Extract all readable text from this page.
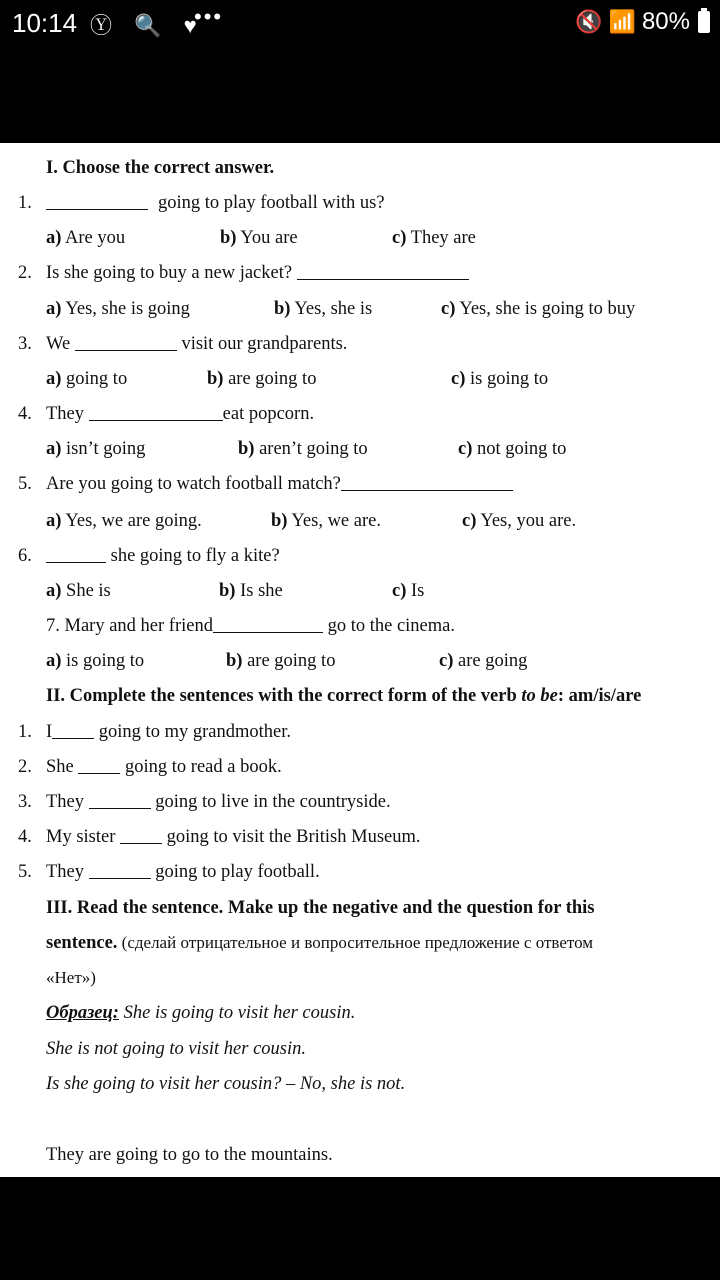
10:14 Ⓨ 🔍 ♥
•••	🔇 📶 80%
I. Choose the correct answer.
1.	going to play football with us?
a) Are you	b) You are	c) They are
2. Is she going to buy a new jacket?
a) Yes, she is going	b) Yes, she is	c) Yes, she is going to buy
3. We	visit our grandparents.
a) going to	b) are going to	c) is going to
4. They	eat popcorn.
a) isn’t going	b) aren’t going to	c) not going to
5. Are you going to watch football match?
a) Yes, we are going.	b) Yes, we are.	c) Yes, you are.
6.	she going to fly a kite?
a) She is	b) Is she	c) Is
7. Mary and her friend	go to the cinema.
a) is going to	b) are going to	c) are going
II. Complete the sentences with the correct form of the verb to be: am/is/are
1. I	going to my grandmother.
2. She	going to read a book.
3. They	going to live in the countryside.
4. My sister	going to visit the British Museum.
5. They	going to play football.
III. Read the sentence. Make up the negative and the question for this
sentence. (сделай отрицательное и вопросительное предложение с ответом
«Нет»)
Образец: She is going to visit her cousin.
She is not going to visit her cousin.
Is she going to visit her cousin? – No, she is not.
They are going to go to the mountains.
